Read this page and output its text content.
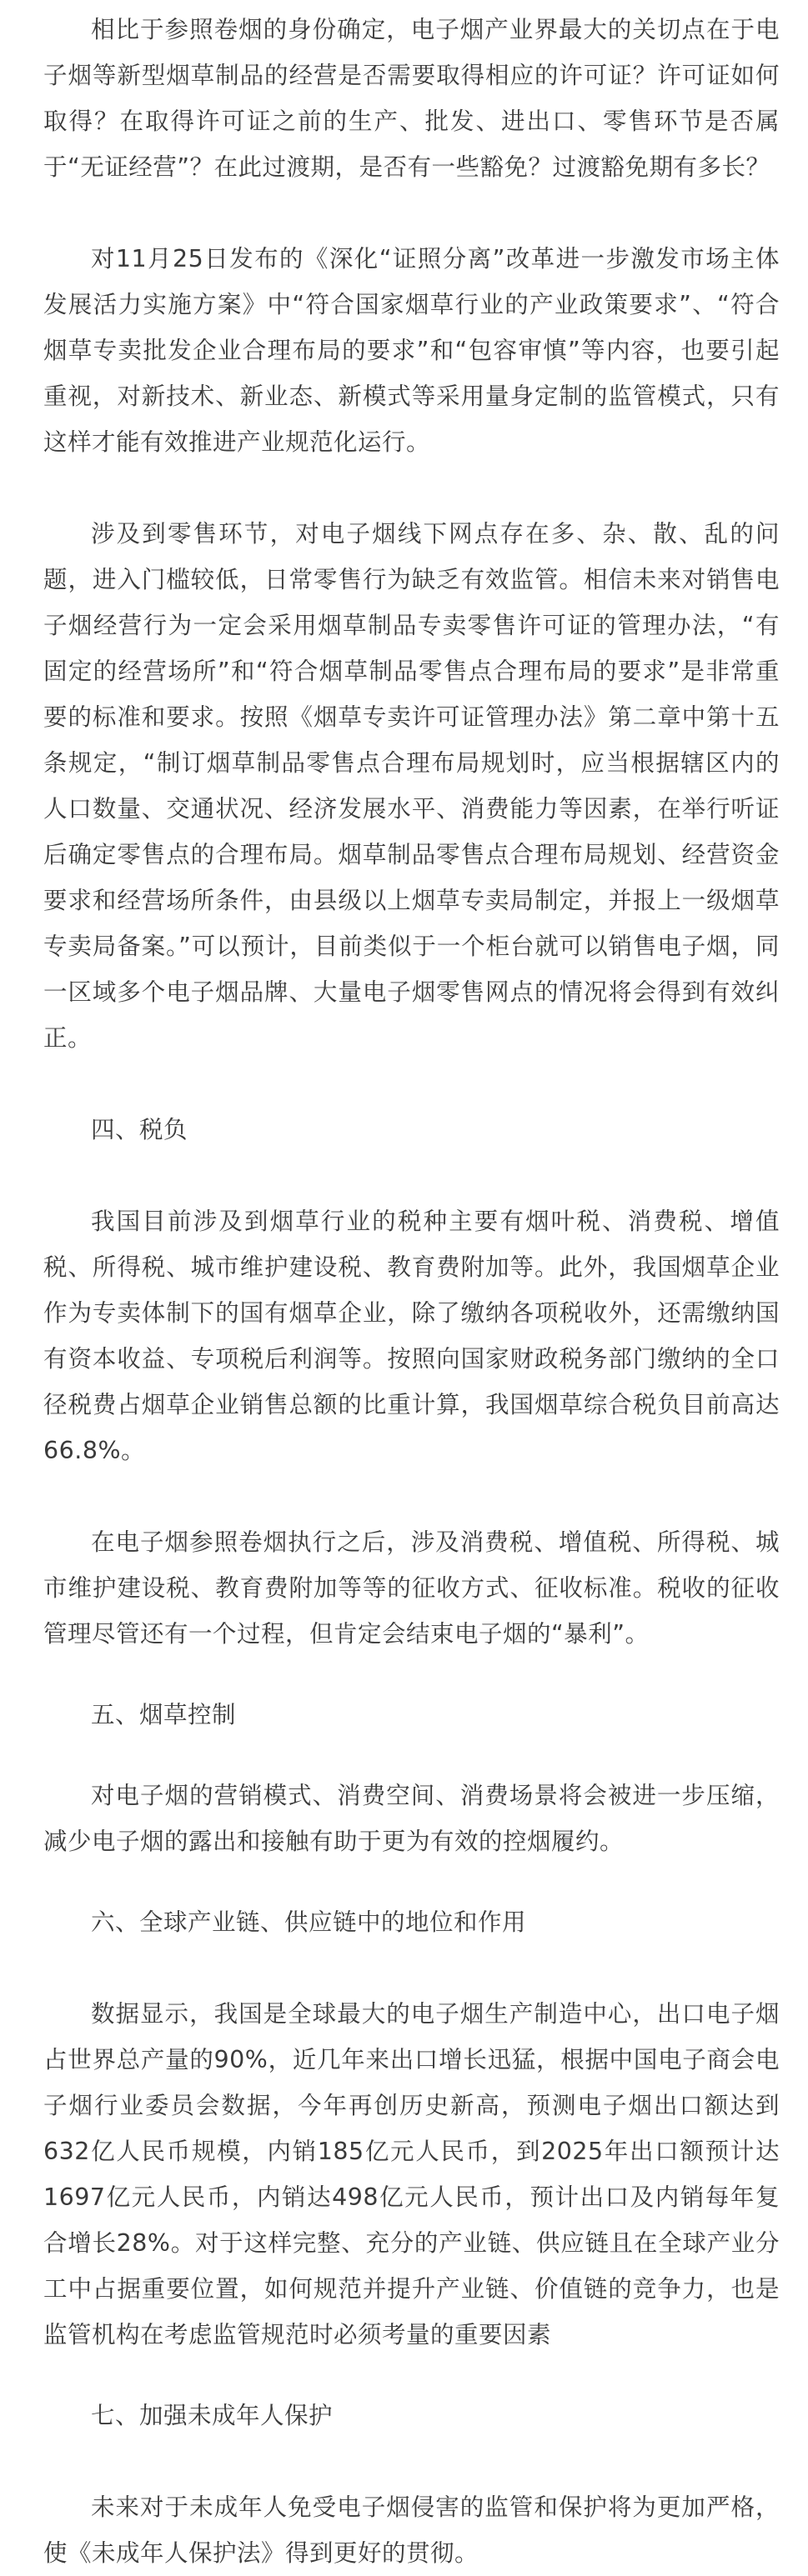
相比于参照卷烟的身份确定，电子烟产业界最大的关切点在于电子烟等新型烟草制品的经营是否需要取得相应的许可证？许可证如何取得？在取得许可证之前的生产、批发、进出口、零售环节是否属于“无证经营”？在此过渡期，是否有一些豁免？过渡豁免期有多长？

对11月25日发布的《深化“证照分离”改革进一步激发市场主体发展活力实施方案》中“符合国家烟草行业的产业政策要求”、“符合烟草专卖批发企业合理布局的要求”和“包容审慎”等内容，也要引起重视，对新技术、新业态、新模式等采用量身定制的监管模式，只有这样才能有效推进产业规范化运行。

涉及到零售环节，对电子烟线下网点存在多、杂、散、乱的问题，进入门槛较低，日常零售行为缺乏有效监管。相信未来对销售电子烟经营行为一定会采用烟草制品专卖零售许可证的管理办法，“有固定的经营场所”和“符合烟草制品零售点合理布局的要求”是非常重要的标准和要求。按照《烟草专卖许可证管理办法》第二章中第十五条规定，“制订烟草制品零售点合理布局规划时，应当根据辖区内的人口数量、交通状况、经济发展水平、消费能力等因素，在举行听证后确定零售点的合理布局。烟草制品零售点合理布局规划、经营资金要求和经营场所条件，由县级以上烟草专卖局制定，并报上一级烟草专卖局备案。”可以预计，目前类似于一个柜台就可以销售电子烟，同一区域多个电子烟品牌、大量电子烟零售网点的情况将会得到有效纠正。

四、税负

我国目前涉及到烟草行业的税种主要有烟叶税、消费税、增值税、所得税、城市维护建设税、教育费附加等。此外，我国烟草企业作为专卖体制下的国有烟草企业，除了缴纳各项税收外，还需缴纳国有资本收益、专项税后利润等。按照向国家财政税务部门缴纳的全口径税费占烟草企业销售总额的比重计算，我国烟草综合税负目前高达66.8%。

在电子烟参照卷烟执行之后，涉及消费税、增值税、所得税、城市维护建设税、教育费附加等等的征收方式、征收标准。税收的征收管理尽管还有一个过程，但肯定会结束电子烟的“暴利”。

五、烟草控制

对电子烟的营销模式、消费空间、消费场景将会被进一步压缩，减少电子烟的露出和接触有助于更为有效的控烟履约。

六、全球产业链、供应链中的地位和作用

数据显示，我国是全球最大的电子烟生产制造中心，出口电子烟占世界总产量的90%，近几年来出口增长迅猛，根据中国电子商会电子烟行业委员会数据，今年再创历史新高，预测电子烟出口额达到632亿人民币规模，内销185亿元人民币，到2025年出口额预计达1697亿元人民币，内销达498亿元人民币，预计出口及内销每年复合增长28%。对于这样完整、充分的产业链、供应链且在全球产业分工中占据重要位置，如何规范并提升产业链、价值链的竞争力，也是监管机构在考虑监管规范时必须考量的重要因素

七、加强未成年人保护

未来对于未成年人免受电子烟侵害的监管和保护将为更加严格，使《未成年人保护法》得到更好的贯彻。
